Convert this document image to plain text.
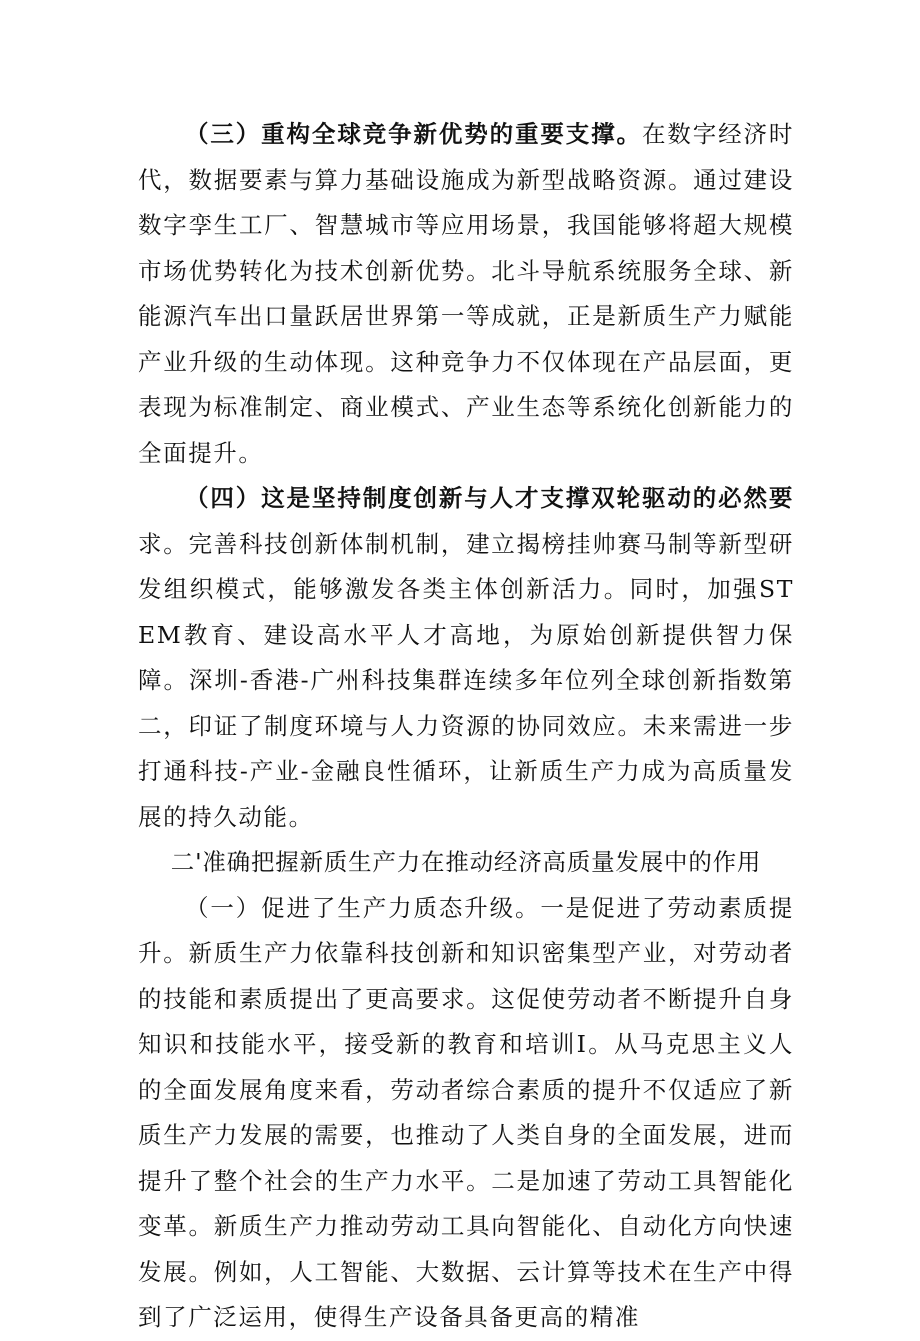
（三）重构全球竞争新优势的重要支撑。在数字经济时代，数据要素与算力基础设施成为新型战略资源。通过建设数字孪生工厂、智慧城市等应用场景，我国能够将超大规模市场优势转化为技术创新优势。北斗导航系统服务全球、新能源汽车出口量跃居世界第一等成就，正是新质生产力赋能产业升级的生动体现。这种竞争力不仅体现在产品层面，更表现为标准制定、商业模式、产业生态等系统化创新能力的全面提升。

（四）这是坚持制度创新与人才支撑双轮驱动的必然要求。完善科技创新体制机制，建立揭榜挂帅赛马制等新型研发组织模式，能够激发各类主体创新活力。同时，加强STEM教育、建设高水平人才高地，为原始创新提供智力保障。深圳-香港-广州科技集群连续多年位列全球创新指数第二，印证了制度环境与人力资源的协同效应。未来需进一步打通科技-产业-金融良性循环，让新质生产力成为高质量发展的持久动能。

二'准确把握新质生产力在推动经济高质量发展中的作用

（一）促进了生产力质态升级。一是促进了劳动素质提升。新质生产力依靠科技创新和知识密集型产业，对劳动者的技能和素质提出了更高要求。这促使劳动者不断提升自身知识和技能水平，接受新的教育和培训I。从马克思主义人的全面发展角度来看，劳动者综合素质的提升不仅适应了新质生产力发展的需要，也推动了人类自身的全面发展，进而提升了整个社会的生产力水平。二是加速了劳动工具智能化变革。新质生产力推动劳动工具向智能化、自动化方向快速发展。例如，人工智能、大数据、云计算等技术在生产中得到了广泛运用，使得生产设备具备更高的精准
